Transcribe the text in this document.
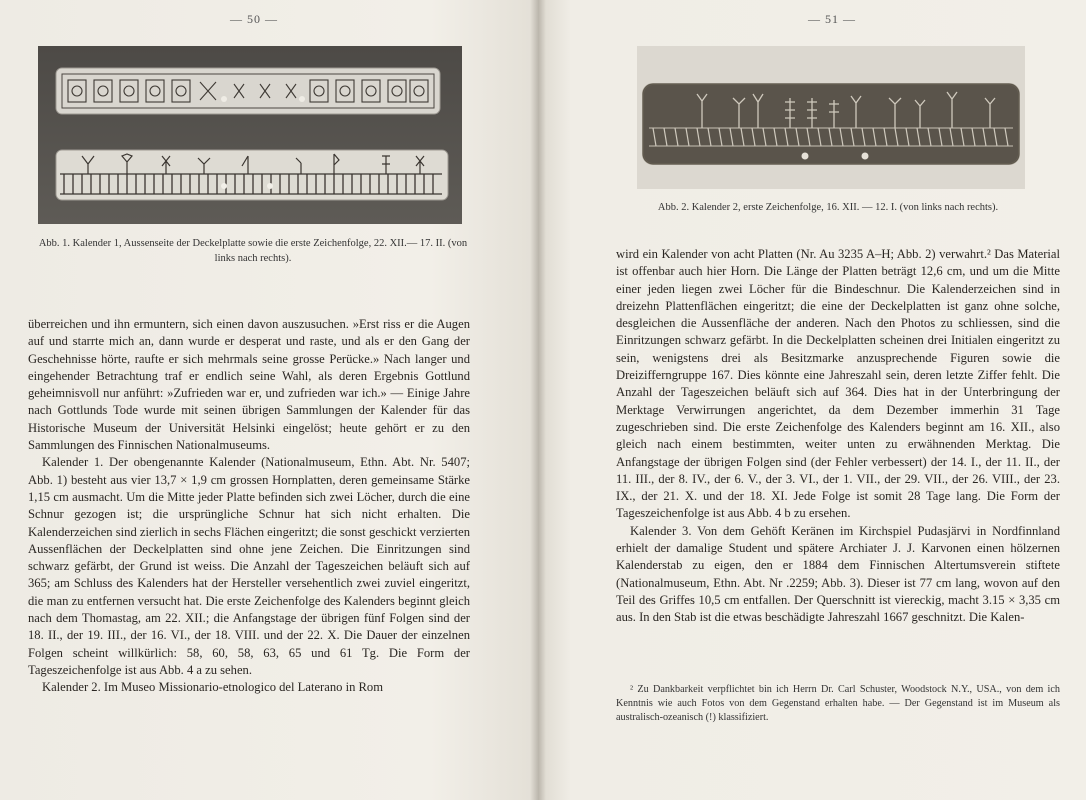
— 50 —
Abb. 1. Kalender 1, Aussenseite der Deckelplatte sowie die erste Zeichenfolge, 22. XII.— 17. II. (von links nach rechts).

überreichen und ihn ermuntern, sich einen davon auszusuchen. »Erst riss er die Augen auf und starrte mich an, dann wurde er desperat und raste, und als er den Gang der Geschehnisse hörte, raufte er sich mehrmals seine grosse Perücke.» Nach langer und eingehender Betrachtung traf er endlich seine Wahl, als deren Ergebnis Gottlund geheimnisvoll nur anführt: »Zufrieden war er, und zufrieden war ich.» — Einige Jahre nach Gottlunds Tode wurde mit seinen übrigen Sammlungen der Kalender für das Historische Museum der Universität Helsinki eingelöst; heute gehört er zu den Sammlungen des Finnischen Nationalmuseums.

Kalender 1. Der obengenannte Kalender (Nationalmuseum, Ethn. Abt. Nr. 5407; Abb. 1) besteht aus vier 13,7 × 1,9 cm grossen Hornplatten, deren gemeinsame Stärke 1,15 cm ausmacht. Um die Mitte jeder Platte befinden sich zwei Löcher, durch die eine Schnur gezogen ist; die ursprüngliche Schnur hat sich nicht erhalten. Die Kalenderzeichen sind zierlich in sechs Flächen eingeritzt; die sonst geschickt verzierten Aussenflächen der Deckelplatten sind ohne jene Zeichen. Die Einritzungen sind schwarz gefärbt, der Grund ist weiss. Die Anzahl der Tageszeichen beläuft sich auf 365; am Schluss des Kalenders hat der Hersteller versehentlich zwei zuviel eingeritzt, die man zu entfernen versucht hat. Die erste Zeichenfolge des Kalenders beginnt gleich nach dem Thomastag, am 22. XII.; die Anfangstage der übrigen fünf Folgen sind der 18. II., der 19. III., der 16. VI., der 18. VIII. und der 22. X. Die Dauer der einzelnen Folgen scheint willkürlich: 58, 60, 58, 63, 65 und 61 Tg. Die Form der Tageszeichenfolge ist aus Abb. 4 a zu sehen.

Kalender 2. Im Museo Missionario-etnologico del Laterano in Rom

— 51 —
Abb. 2. Kalender 2, erste Zeichenfolge, 16. XII. — 12. I. (von links nach rechts).

wird ein Kalender von acht Platten (Nr. Au 3235 A–H; Abb. 2) verwahrt.² Das Material ist offenbar auch hier Horn. Die Länge der Platten beträgt 12,6 cm, und um die Mitte einer jeden liegen zwei Löcher für die Bindeschnur. Die Kalenderzeichen sind in dreizehn Plattenflächen eingeritzt; die eine der Deckelplatten ist ganz ohne solche, desgleichen die Aussenfläche der anderen. Nach den Photos zu schliessen, sind die Einritzungen schwarz gefärbt. In die Deckelplatten scheinen drei Initialen eingeritzt zu sein, wenigstens drei als Besitzmarke anzusprechende Figuren sowie die Dreizifferngruppe 167. Dies könnte eine Jahreszahl sein, deren letzte Ziffer fehlt. Die Anzahl der Tageszeichen beläuft sich auf 364. Dies hat in der Unterbringung der Merktage Verwirrungen angerichtet, da dem Dezember immerhin 31 Tage zugeschrieben sind. Die erste Zeichenfolge des Kalenders beginnt am 16. XII., also gleich nach einem bestimmten, weiter unten zu erwähnenden Merktag. Die Anfangstage der übrigen Folgen sind (der Fehler verbessert) der 14. I., der 11. II., der 11. III., der 8. IV., der 6. V., der 3. VI., der 1. VII., der 29. VII., der 26. VIII., der 23. IX., der 21. X. und der 18. XI. Jede Folge ist somit 28 Tage lang. Die Form der Tageszeichenfolge ist aus Abb. 4 b zu ersehen.

Kalender 3. Von dem Gehöft Keränen im Kirchspiel Pudasjärvi in Nordfinnland erhielt der damalige Student und spätere Archiater J. J. Karvonen einen hölzernen Kalenderstab zu eigen, den er 1884 dem Finnischen Altertumsverein stiftete (Nationalmuseum, Ethn. Abt. Nr .2259; Abb. 3). Dieser ist 77 cm lang, wovon auf den Teil des Griffes 10,5 cm entfallen. Der Querschnitt ist viereckig, macht 3.15 × 3,35 cm aus. In den Stab ist die etwas beschädigte Jahreszahl 1667 geschnitzt. Die Kalen-

² Zu Dankbarkeit verpflichtet bin ich Herrn Dr. Carl Schuster, Woodstock N.Y., USA., von dem ich Kenntnis wie auch Fotos von dem Gegenstand erhalten habe. — Der Gegenstand ist im Museum als australisch-ozeanisch (!) klassifiziert.
